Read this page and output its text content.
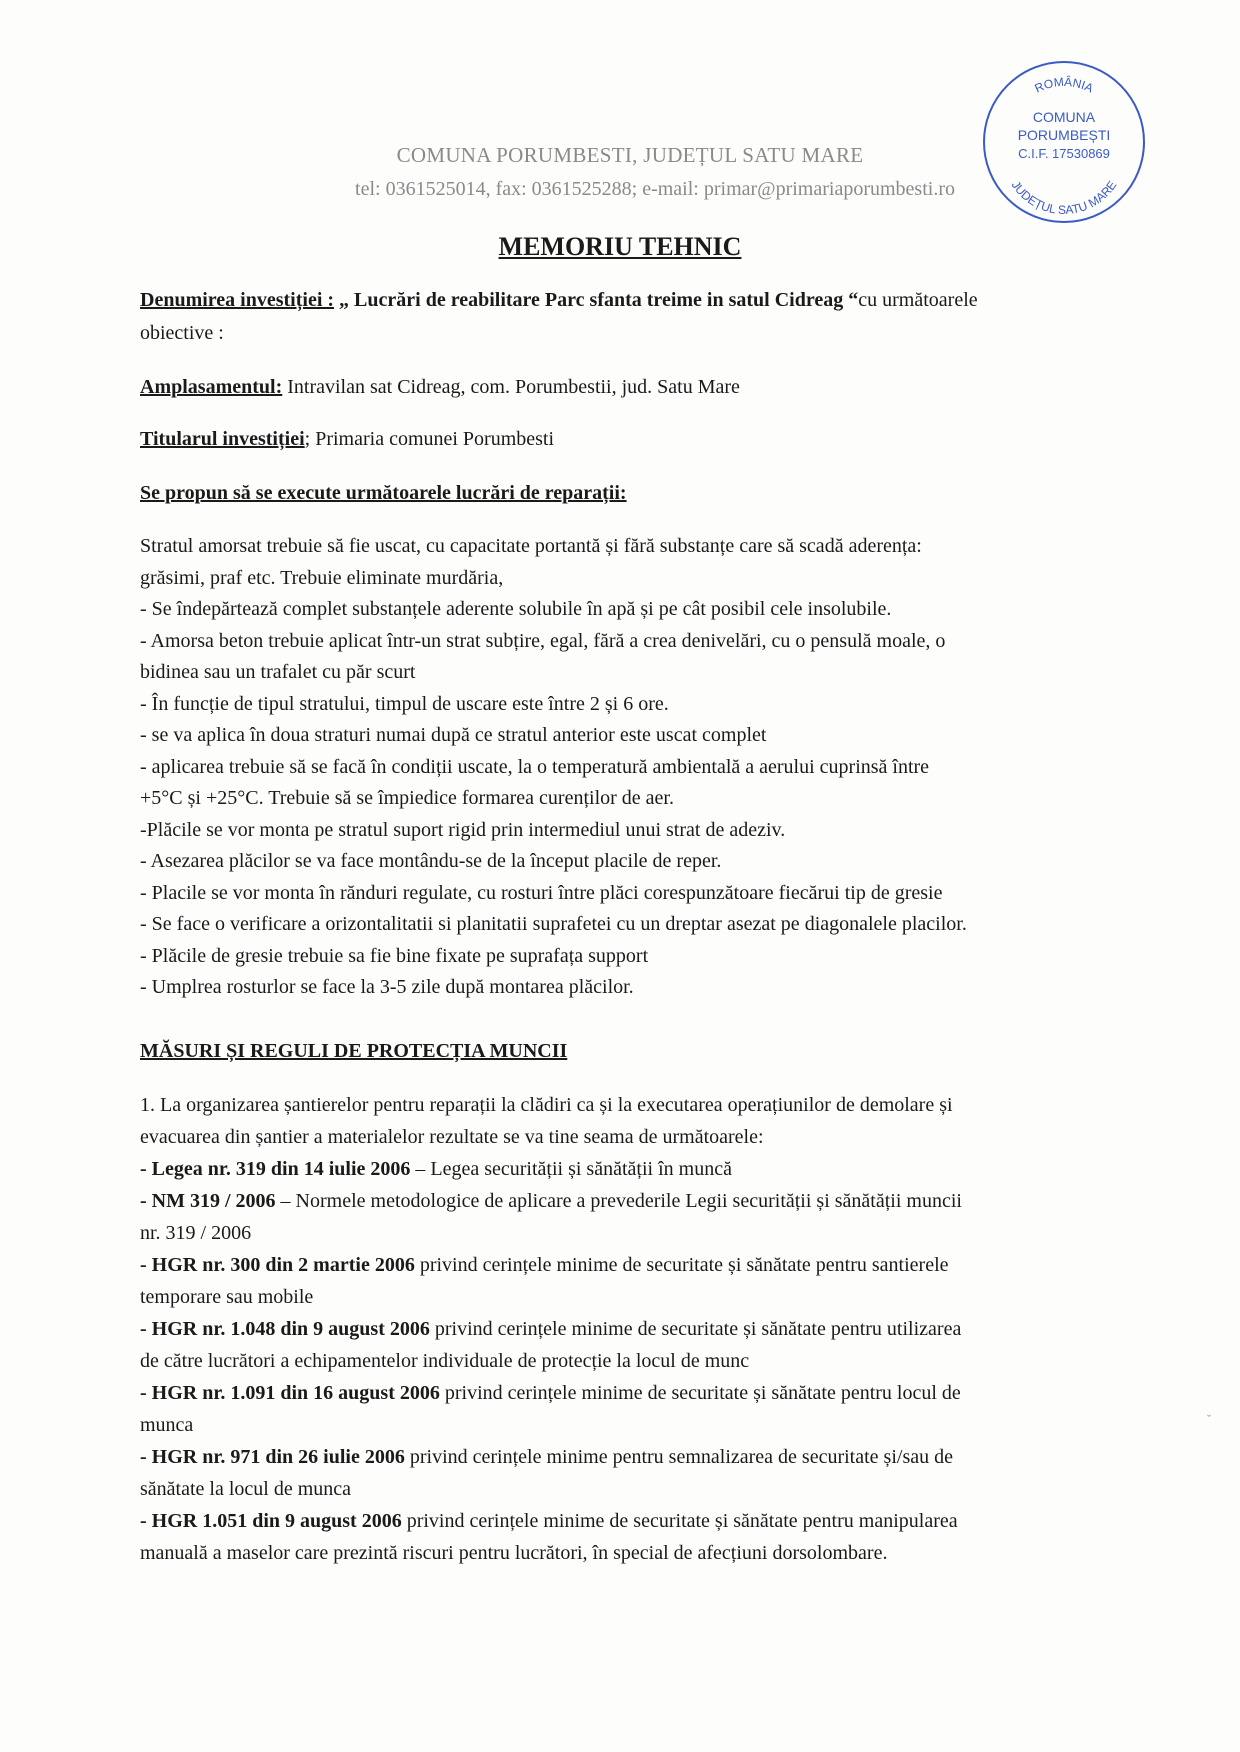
COMUNA PORUMBESTI, JUDEȚUL SATU MARE
tel: 0361525014, fax: 0361525288; e-mail: primar@primariaporumbesti.ro
ROMÂNIA
COMUNA
PORUMBEȘTI
C.I.F. 17530869
JUDEȚUL SATU MARE
MEMORIU TEHNIC
Denumirea investiției : „ Lucrări de reabilitare Parc sfanta treime in satul Cidreag “cu următoarele
obiective :
Amplasamentul: Intravilan sat Cidreag, com. Porumbestii, jud. Satu Mare
Titularul investiției; Primaria comunei Porumbesti
Se propun să se execute următoarele lucrări de reparații:
Stratul amorsat trebuie să fie uscat, cu capacitate portantă și fără substanțe care să scadă aderența:
grăsimi, praf etc. Trebuie eliminate murdăria,
- Se îndepărtează complet substanțele aderente solubile în apă și pe cât posibil cele insolubile.
- Amorsa beton trebuie aplicat într-un strat subțire, egal, fără a crea denivelări, cu o pensulă moale, o
bidinea sau un trafalet cu păr scurt
- În funcție de tipul stratului, timpul de uscare este între 2 și 6 ore.
- se va aplica în doua straturi numai după ce stratul anterior este uscat complet
- aplicarea trebuie să se facă în condiții uscate, la o temperatură ambientală a aerului cuprinsă între
+5°C și +25°C. Trebuie să se împiedice formarea curenților de aer.
-Plăcile se vor monta pe stratul suport rigid prin intermediul unui strat de adeziv.
- Asezarea plăcilor se va face montându-se de la început placile de reper.
- Placile se vor monta în rănduri regulate, cu rosturi între plăci corespunzătoare fiecărui tip de gresie
- Se face o verificare a orizontalitatii si planitatii suprafetei cu un dreptar asezat pe diagonalele placilor.
- Plăcile de gresie trebuie sa fie bine fixate pe suprafața support
- Umplrea rosturlor se face la 3-5 zile după montarea plăcilor.
MĂSURI ȘI REGULI DE PROTECȚIA MUNCII
1. La organizarea șantierelor pentru reparații la clădiri ca și la executarea operațiunilor de demolare și
evacuarea din șantier a materialelor rezultate se va tine seama de următoarele:
- Legea nr. 319 din 14 iulie 2006 – Legea securității și sănătății în muncă
- NM 319 / 2006 – Normele metodologice de aplicare a prevederile Legii securității și sănătății muncii
nr. 319 / 2006
- HGR nr. 300 din 2 martie 2006 privind cerințele minime de securitate și sănătate pentru santierele
temporare sau mobile
- HGR nr. 1.048 din 9 august 2006 privind cerințele minime de securitate și sănătate pentru utilizarea
de către lucrători a echipamentelor individuale de protecție la locul de munc
- HGR nr. 1.091 din 16 august 2006 privind cerințele minime de securitate și sănătate pentru locul de
munca
- HGR nr. 971 din 26 iulie 2006 privind cerințele minime pentru semnalizarea de securitate și/sau de
sănătate la locul de munca
- HGR 1.051 din 9 august 2006 privind cerințele minime de securitate și sănătate pentru manipularea
manuală a maselor care prezintă riscuri pentru lucrători, în special de afecțiuni dorsolombare.
ˇ
